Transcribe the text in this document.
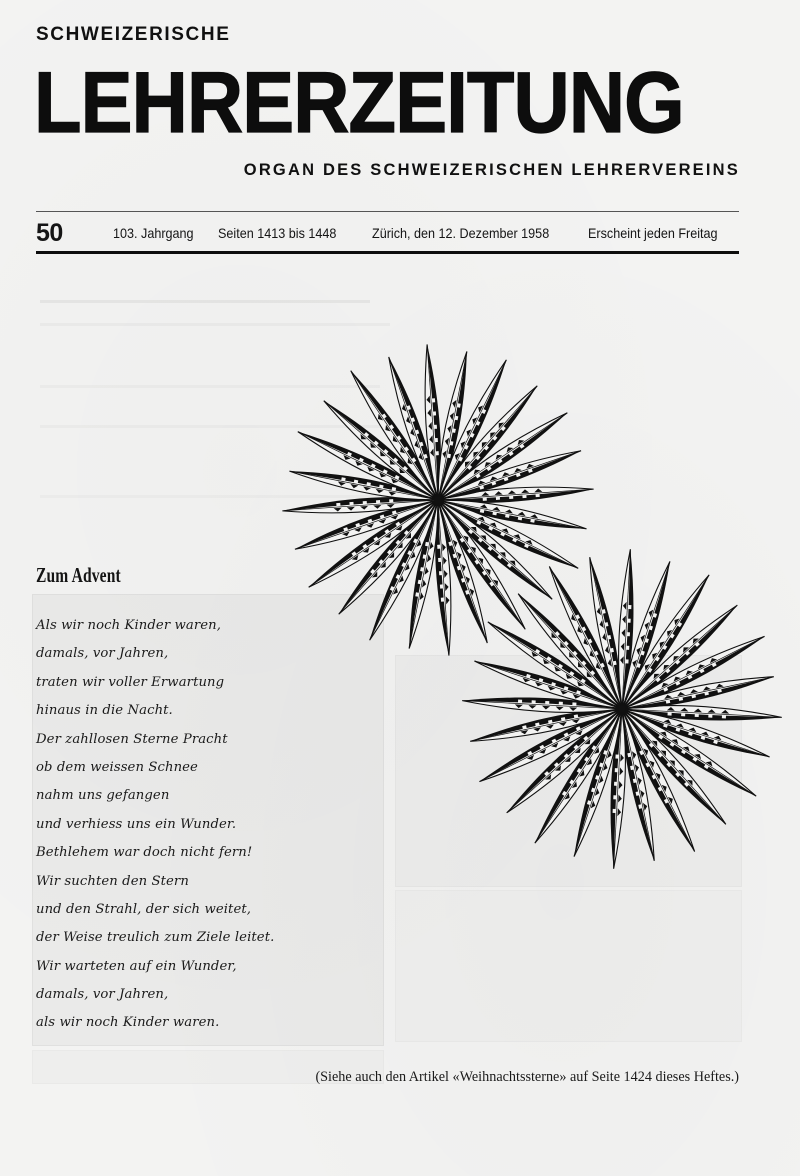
SCHWEIZERISCHE
LEHRERZEITUNG
ORGAN DES SCHWEIZERISCHEN LEHRERVEREINS
50	103. Jahrgang Seiten 1413 bis 1448	Zürich, den 12. Dezember 1958	Erscheint jeden Freitag
Zum Advent
Als wir noch Kinder waren,
damals, vor Jahren,
traten wir voller Erwartung
hinaus in die Nacht.
Der zahllosen Sterne Pracht
ob dem weissen Schnee
nahm uns gefangen
und verhiess uns ein Wunder.
Bethlehem war doch nicht fern!
Wir suchten den Stern
und den Strahl, der sich weitet,
der Weise treulich zum Ziele leitet.
Wir warteten auf ein Wunder,
damals, vor Jahren,
als wir noch Kinder waren.
(Siehe auch den Artikel «Weihnachtssterne» auf Seite 1424 dieses Heftes.)
